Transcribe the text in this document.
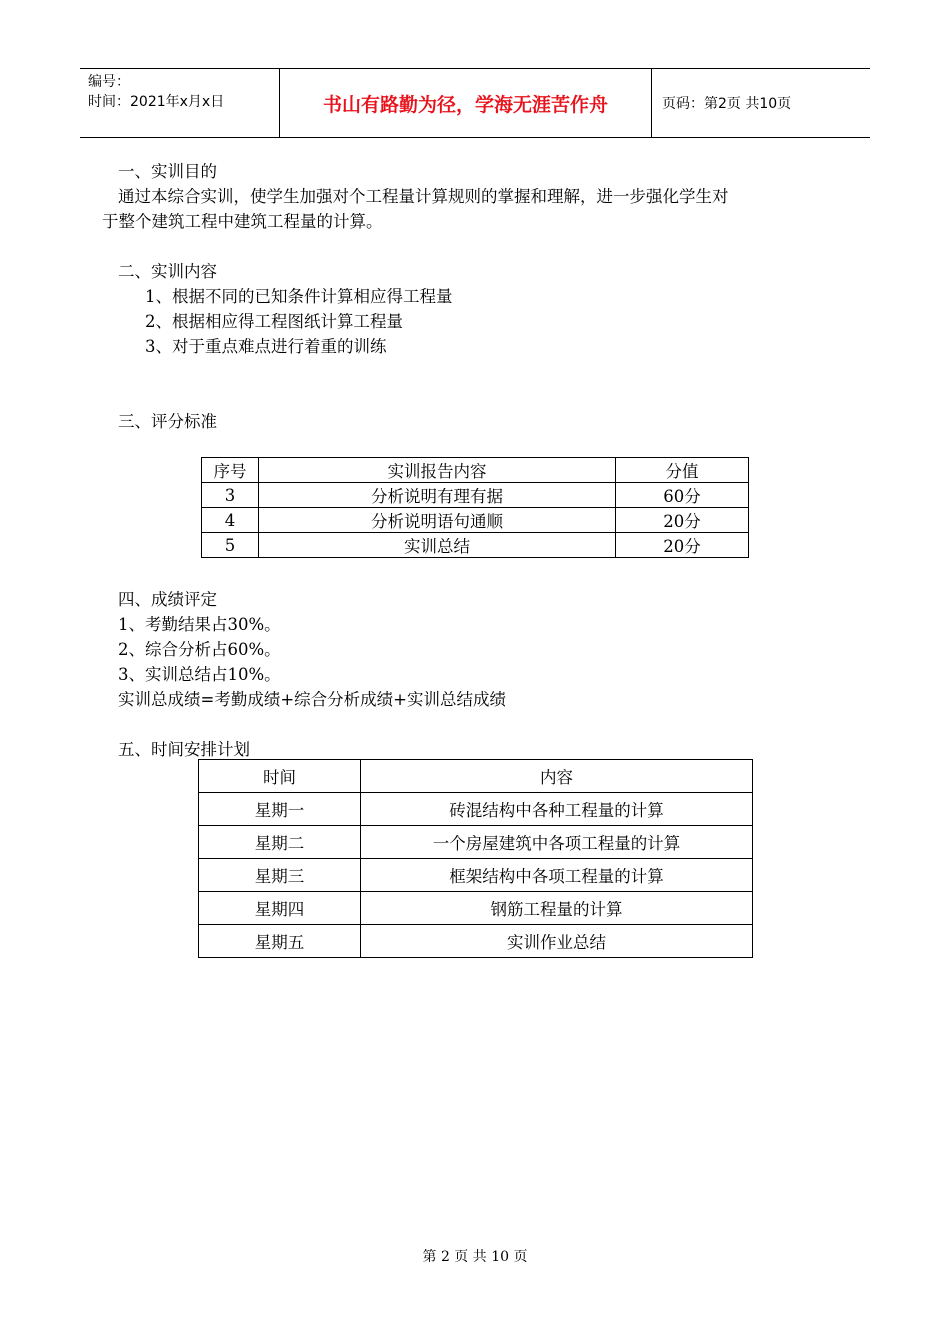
编号：
时间：2021年x月x日	书山有路勤为径，学海无涯苦作舟	页码：第2页 共10页
一、实训目的
通过本综合实训，使学生加强对个工程量计算规则的掌握和理解，进一步强化学生对
于整个建筑工程中建筑工程量的计算。
二、实训内容
1、根据不同的已知条件计算相应得工程量
2、根据相应得工程图纸计算工程量
3、对于重点难点进行着重的训练
三、评分标准
序号	实训报告内容	分值
3	分析说明有理有据	60分
4	分析说明语句通顺	20分
5	实训总结	20分
四、成绩评定
1、考勤结果占30%。
2、综合分析占60%。
3、实训总结占10%。
实训总成绩=考勤成绩+综合分析成绩+实训总结成绩
五、时间安排计划
时间	内容
星期一	砖混结构中各种工程量的计算
星期二	一个房屋建筑中各项工程量的计算
星期三	框架结构中各项工程量的计算
星期四	钢筋工程量的计算
星期五	实训作业总结
第 2 页 共 10 页
